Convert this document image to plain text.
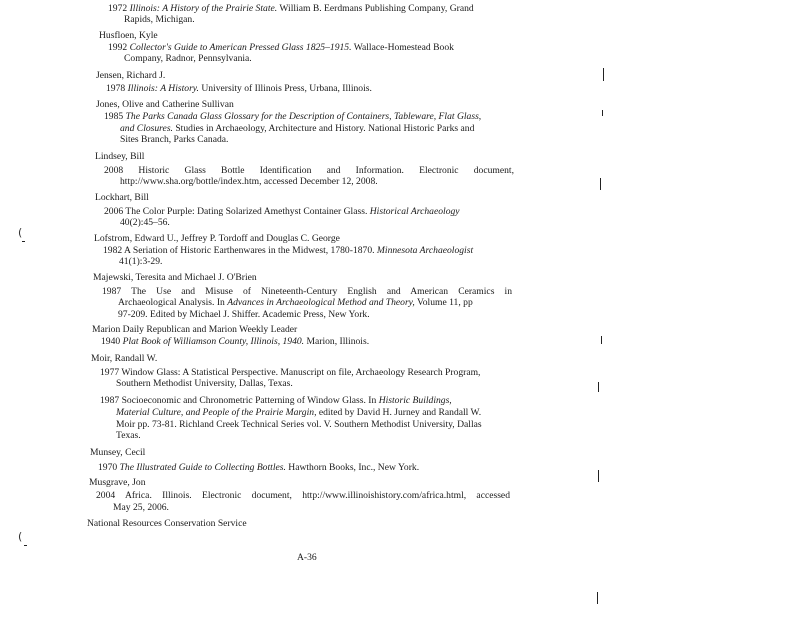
1972 Illinois: A History of the Prairie State. William B. Eerdmans Publishing Company, Grand
Rapids, Michigan.
Husfloen, Kyle
1992 Collector's Guide to American Pressed Glass 1825–1915. Wallace-Homestead Book
Company, Radnor, Pennsylvania.
Jensen, Richard J.
1978 Illinois: A History. University of Illinois Press, Urbana, Illinois.
Jones, Olive and Catherine Sullivan
1985 The Parks Canada Glass Glossary for the Description of Containers, Tableware, Flat Glass,
and Closures. Studies in Archaeology, Architecture and History. National Historic Parks and
Sites Branch, Parks Canada.
Lindsey, Bill
2008 Historic Glass Bottle Identification and Information. Electronic document,
http://www.sha.org/bottle/index.htm, accessed December 12, 2008.
Lockhart, Bill
2006 The Color Purple: Dating Solarized Amethyst Container Glass. Historical Archaeology
40(2):45–56.
Lofstrom, Edward U., Jeffrey P. Tordoff and Douglas C. George
1982 A Seriation of Historic Earthenwares in the Midwest, 1780-1870. Minnesota Archaeologist
41(1):3-29.
Majewski, Teresita and Michael J. O'Brien
1987 The Use and Misuse of Nineteenth-Century English and American Ceramics in
Archaeological Analysis. In Advances in Archaeological Method and Theory, Volume 11, pp
97-209. Edited by Michael J. Shiffer. Academic Press, New York.
Marion Daily Republican and Marion Weekly Leader
1940 Plat Book of Williamson County, Illinois, 1940. Marion, Illinois.
Moir, Randall W.
1977 Window Glass: A Statistical Perspective. Manuscript on file, Archaeology Research Program,
Southern Methodist University, Dallas, Texas.
1987 Socioeconomic and Chronometric Patterning of Window Glass. In Historic Buildings,
Material Culture, and People of the Prairie Margin, edited by David H. Jurney and Randall W.
Moir pp. 73-81. Richland Creek Technical Series vol. V. Southern Methodist University, Dallas
Texas.
Munsey, Cecil
1970 The Illustrated Guide to Collecting Bottles. Hawthorn Books, Inc., New York.
Musgrave, Jon
2004 Africa. Illinois. Electronic document, http://www.illinoishistory.com/africa.html, accessed
May 25, 2006.
National Resources Conservation Service
A-36
(
(
